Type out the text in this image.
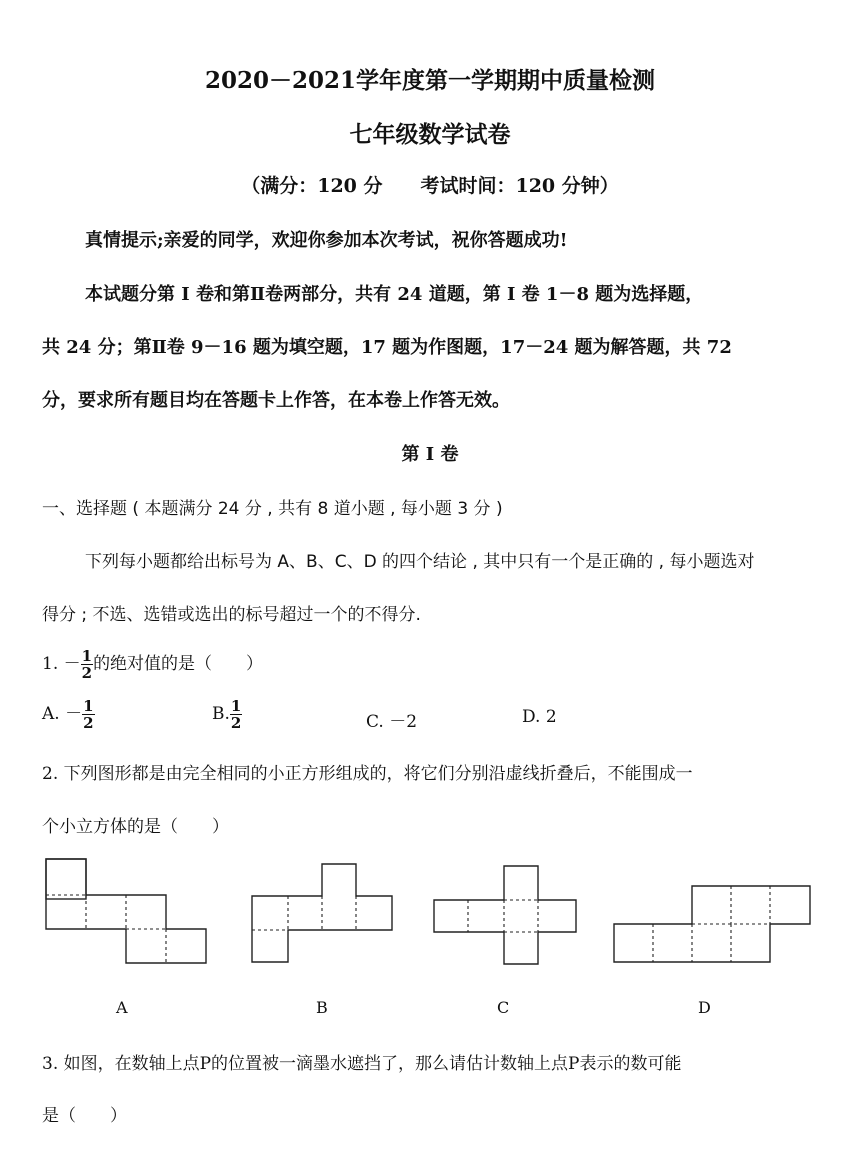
2020－2021学年度第一学期期中质量检测
七年级数学试卷
（满分：120 分　　考试时间：120 分钟）
真情提示;亲爱的同学，欢迎你参加本次考试，祝你答题成功!
本试题分第 I 卷和第Ⅱ卷两部分，共有 24 道题，第 I 卷 1－8 题为选择题，
共 24 分；第Ⅱ卷 9－16 题为填空题，17 题为作图题，17－24 题为解答题，共 72
分，要求所有题目均在答题卡上作答，在本卷上作答无效。
第 I 卷
一、选择题 ( 本题满分 24 分 , 共有 8 道小题 , 每小题 3 分 )
下列每小题都给出标号为 A、B、C、D 的四个结论 , 其中只有一个是正确的 , 每小题选对
得分 ; 不选、选错或选出的标号超过一个的不得分.
1. － $\frac{1}{2}$ 的绝对值的是（　　）
A. － $\frac{1}{2}$	B. $\frac{1}{2}$	C. －2	D. 2
2. 下列图形都是由完全相同的小正方形组成的，将它们分别沿虚线折叠后，不能围成一
个小立方体的是（　　）
A	B	C	D
3. 如图，在数轴上点P的位置被一滴墨水遮挡了，那么请估计数轴上点P表示的数可能
是（　　）
